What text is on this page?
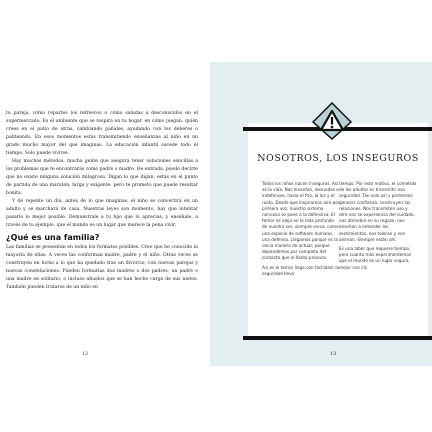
tu pareja, cómo repartes los refrescos o cómo saludas a desconocidos en el supermercado. Es el ambiente que se respira en tu hogar, en cómo juegan, quién crees en el patio de atrás, cambiando pañales, ayudando con los deberes o paliteando. En esos momentos estás transmitiendo enseñanzas al niño en un grado mucho mayor del que imaginas. La educación infantil sucede todo el tiempo. Solo puede vivirse.

Hay muchos métodos, mucha gente que asegura tener soluciones sencillas a los problemas que te encontrarás como padre o madre. De entrada, puedo decirte que no existe ninguna solución milagrosa. Digan lo que digan, estás en el punto de partida de una maratón, larga y exigente, pero te prometo que puede resultar bonita.

Y de repente un día, antes de lo que imaginas, el niño se convertirá en un adulto y se marchará de casa. Nuestras leyes son momento, hay que intentar pasarlo lo mejor posible. Demuéstrale a tu hijo que lo aprecias, y enséñale, a través de tu ejemplo, que el mundo es un lugar que merece la pena vivir.

¿Qué es una familia?

Las familias se presentan en todos los formatos posibles. Creo que he conocido la mayoría de ellas. A veces las conforman madre, padre y el niño. Otras veces se construyen en torno a lo que ha quedado tras un divorcio, con nuevas parejas y nuevas constelaciones. Pueden formarlas dos madres o dos padres, un padre o una madre en solitario, o incluso abuelos que se han hecho cargo de sus nietos. También pueden tratarse de un niño en

12
NOSOTROS, LOS INSEGUROS

Todos los niños nacen inseguros. Así es la vida. Nos levantan, desnudos e indefensos, hacia el frío, la luz y el ruido. Desde que inspiramos aire por primera vez, nuestro sistema nervioso se pone a la defensiva. El temor se aloja en lo más profundo de nuestro ser, siempre cerca, como una especie de software humano, una defensa. Llegamos porque es la única manera de actuar, porque dependemos por completo del contacto que el llanto provoca.

Así es el temor llega con facilidad; la seguridad lleva

tiempo. Por esto motivo, el cometido de los adultos es transmitir esa seguridad. Tan solo así y podremos generar confianza, construyen las relaciones. Nos transmiten uso y otro nos se experiencia del cuidado, nos atienden en su regazo, nos enseñan a entender los sentimientos, nos toleran y nos animan. Siempre están ahí.

Es una labor que requiere tiempo, pero cuanto más experimentemos que el mundo es un lugar seguro, mejor nos irá.

13
